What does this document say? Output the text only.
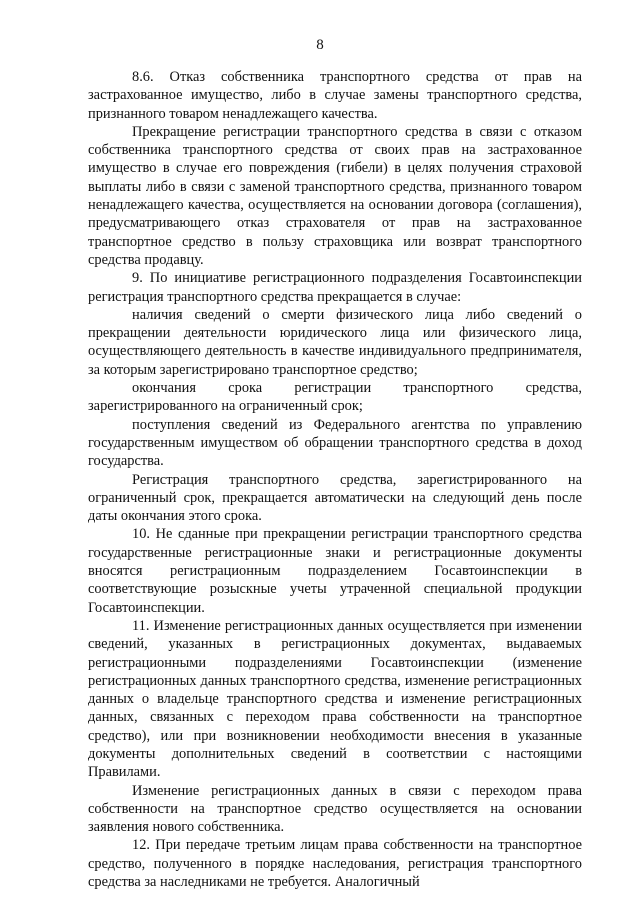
8

8.6. Отказ собственника транспортного средства от прав на застрахованное имущество, либо в случае замены транспортного средства, признанного товаром ненадлежащего качества.

Прекращение регистрации транспортного средства в связи с отказом собственника транспортного средства от своих прав на застрахованное имущество в случае его повреждения (гибели) в целях получения страховой выплаты либо в связи с заменой транспортного средства, признанного товаром ненадлежащего качества, осуществляется на основании договора (соглашения), предусматривающего отказ страхователя от прав на застрахованное транспортное средство в пользу страховщика или возврат транспортного средства продавцу.

9. По инициативе регистрационного подразделения Госавтоинспекции регистрация транспортного средства прекращается в случае:

наличия сведений о смерти физического лица либо сведений о прекращении деятельности юридического лица или физического лица, осуществляющего деятельность в качестве индивидуального предпринимателя, за которым зарегистрировано транспортное средство;

окончания срока регистрации транспортного средства, зарегистрированного на ограниченный срок;

поступления сведений из Федерального агентства по управлению государственным имуществом об обращении транспортного средства в доход государства.

Регистрация транспортного средства, зарегистрированного на ограниченный срок, прекращается автоматически на следующий день после даты окончания этого срока.

10. Не сданные при прекращении регистрации транспортного средства государственные регистрационные знаки и регистрационные документы вносятся регистрационным подразделением Госавтоинспекции в соответствующие розыскные учеты утраченной специальной продукции Госавтоинспекции.

11. Изменение регистрационных данных осуществляется при изменении сведений, указанных в регистрационных документах, выдаваемых регистрационными подразделениями Госавтоинспекции (изменение регистрационных данных транспортного средства, изменение регистрационных данных о владельце транспортного средства и изменение регистрационных данных, связанных с переходом права собственности на транспортное средство), или при возникновении необходимости внесения в указанные документы дополнительных сведений в соответствии с настоящими Правилами.

Изменение регистрационных данных в связи с переходом права собственности на транспортное средство осуществляется на основании заявления нового собственника.

12. При передаче третьим лицам права собственности на транспортное средство, полученного в порядке наследования, регистрация транспортного средства за наследниками не требуется. Аналогичный
